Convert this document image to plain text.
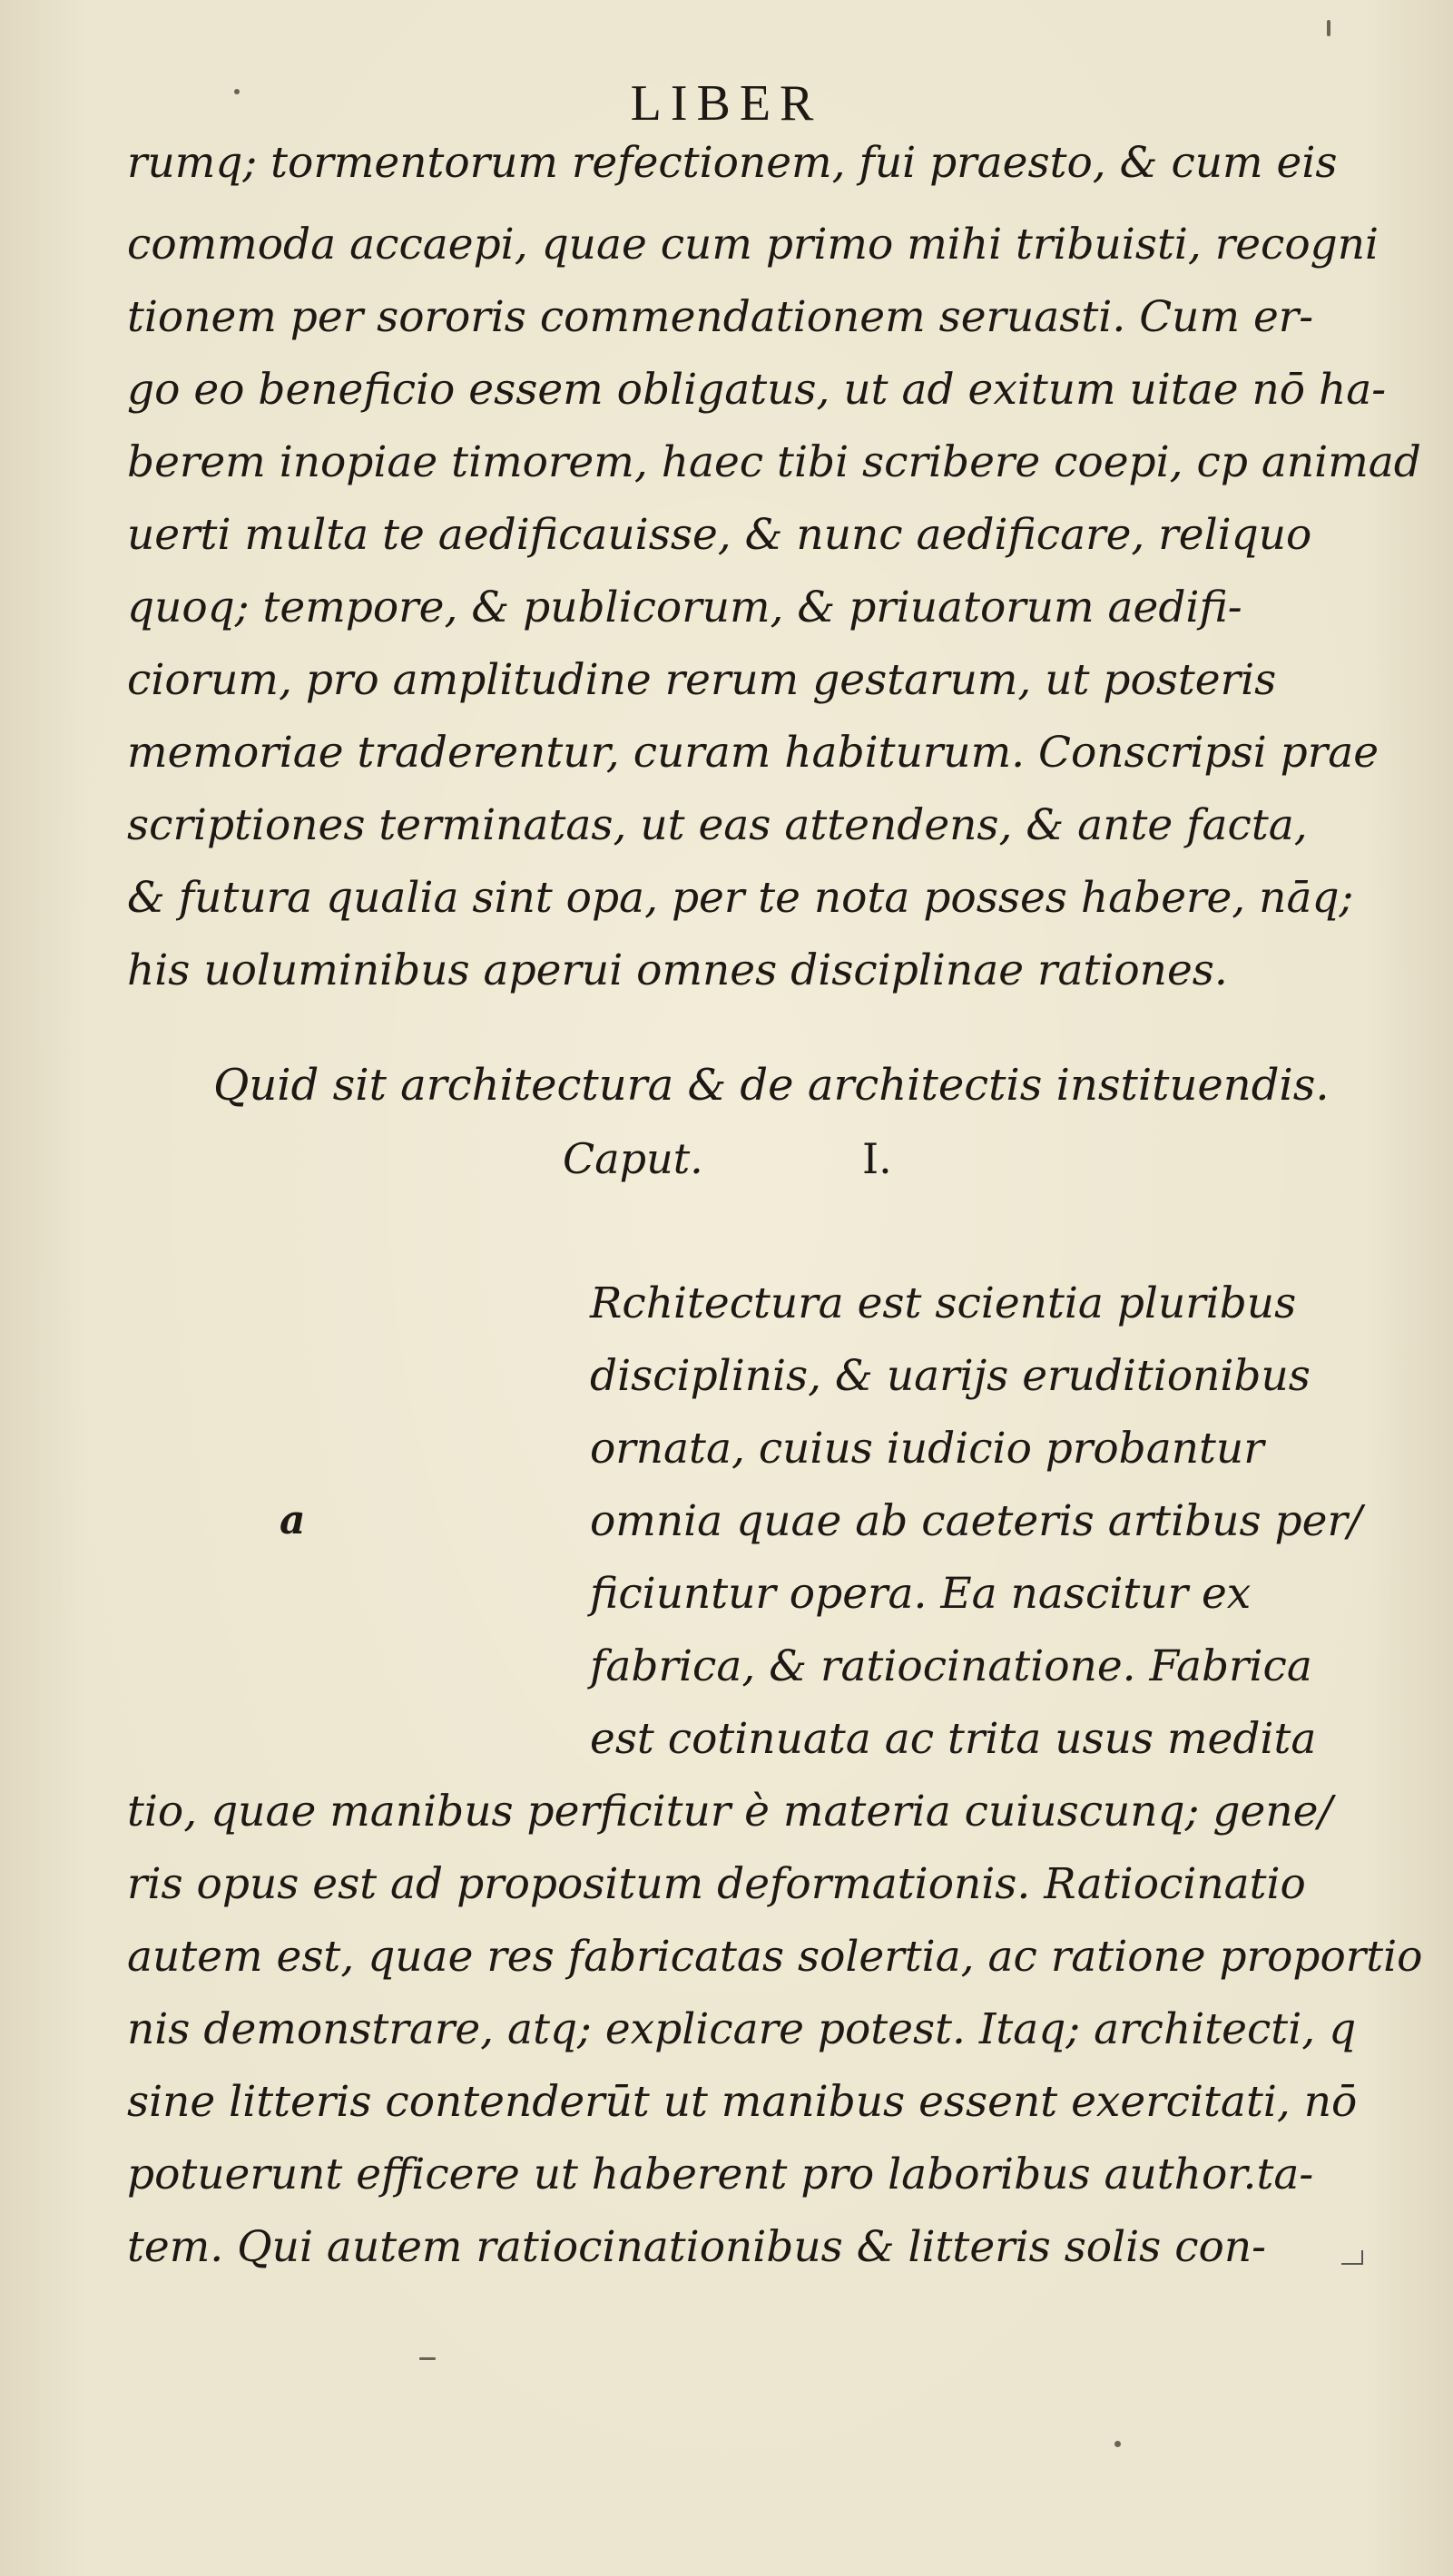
LIBER
rumq; tormentorum refectionem, fui praesto, & cum eis
commoda accaepi, quae cum primo mihi tribuisti, recogni
tionem per sororis commendationem seruasti. Cum er-
go eo beneficio essem obligatus, ut ad exitum uitae nō ha-
berem inopiae timorem, haec tibi scribere coepi, cp animad
uerti multa te aedificauisse, & nunc aedificare, reliquo
quoq; tempore, & publicorum, & priuatorum aedifi-
ciorum, pro amplitudine rerum gestarum, ut posteris
memoriae traderentur, curam habiturum. Conscripsi prae
scriptiones terminatas, ut eas attendens, & ante facta,
& futura qualia sint opa, per te nota posses habere, nāq;
his uoluminibus aperui omnes disciplinae rationes.
Quid sit architectura & de architectis instituendis.
Caput.	I.
a
Rchitectura est scientia pluribus
disciplinis, & uarijs eruditionibus
ornata, cuius iudicio probantur
omnia quae ab caeteris artibus per/
ficiuntur opera. Ea nascitur ex
fabrica, & ratiocinatione. Fabrica
est cotinuata ac trita usus medita
tio, quae manibus perficitur è materia cuiuscunq; gene/
ris opus est ad propositum deformationis. Ratiocinatio
autem est, quae res fabricatas solertia, ac ratione proportio
nis demonstrare, atq; explicare potest. Itaq; architecti, q
sine litteris contenderūt ut manibus essent exercitati, nō
potuerunt efficere ut haberent pro laboribus author.ta-
tem. Qui autem ratiocinationibus & litteris solis con-
